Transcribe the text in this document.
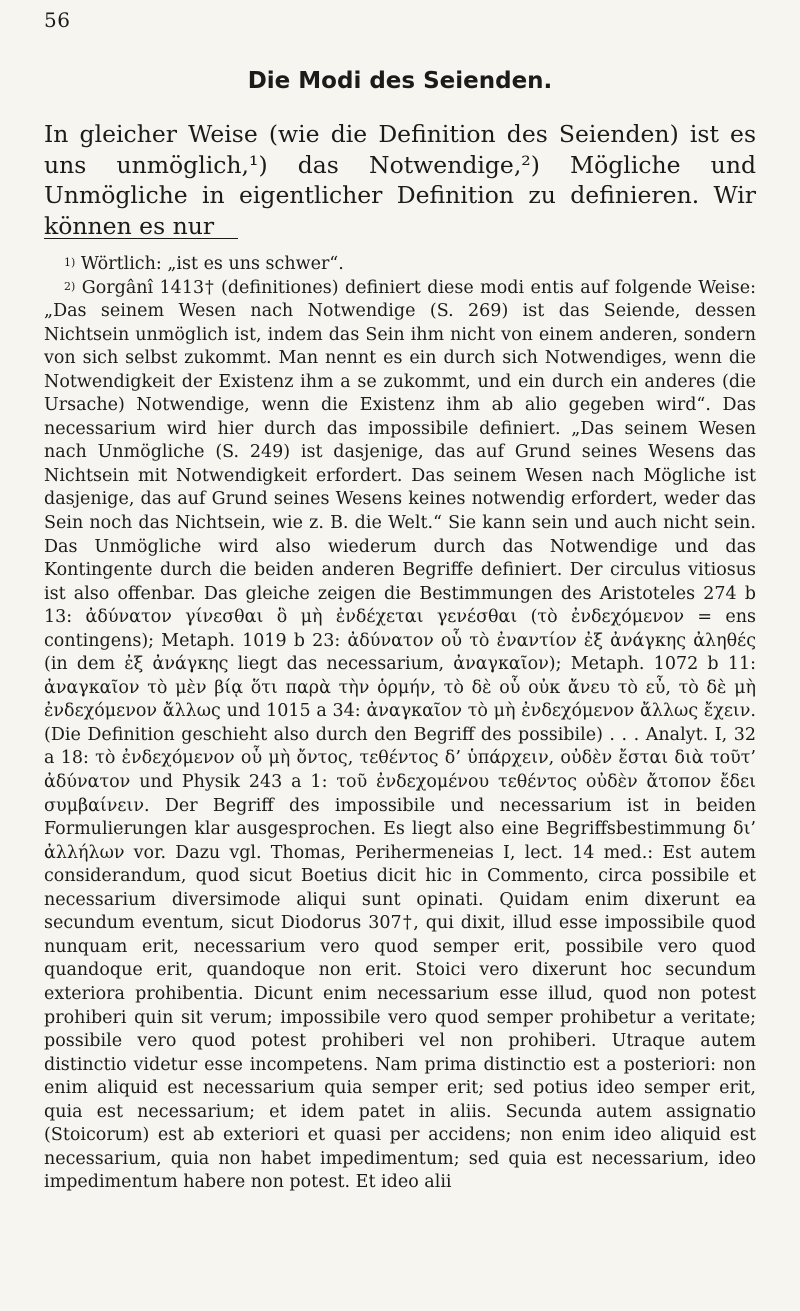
56
Die Modi des Seienden.

In gleicher Weise (wie die Definition des Seienden) ist es uns unmöglich,¹) das Notwendige,²) Mögliche und Unmögliche in eigentlicher Definition zu definieren. Wir können es nur

$^{1)}$ Wörtlich: „ist es uns schwer“.

$^{2)}$ Gorgânî 1413† (definitiones) definiert diese modi entis auf folgende Weise: „Das seinem Wesen nach Notwendige (S. 269) ist das Seiende, dessen Nichtsein unmöglich ist, indem das Sein ihm nicht von einem anderen, sondern von sich selbst zukommt. Man nennt es ein durch sich Notwendiges, wenn die Notwendigkeit der Existenz ihm a se zukommt, und ein durch ein anderes (die Ursache) Notwendige, wenn die Existenz ihm ab alio gegeben wird“. Das necessarium wird hier durch das impossibile definiert. „Das seinem Wesen nach Unmögliche (S. 249) ist dasjenige, das auf Grund seines Wesens das Nichtsein mit Notwendigkeit erfordert. Das seinem Wesen nach Mögliche ist dasjenige, das auf Grund seines Wesens keines notwendig erfordert, weder das Sein noch das Nichtsein, wie z. B. die Welt.“ Sie kann sein und auch nicht sein. Das Unmögliche wird also wiederum durch das Notwendige und das Kontingente durch die beiden anderen Begriffe definiert. Der circulus vitiosus ist also offenbar. Das gleiche zeigen die Bestimmungen des Aristoteles 274 b 13: ἀδύνατον γίνεσθαι ὃ μὴ ἐνδέχεται γενέσθαι (τὸ ἐνδεχόμενον = ens contingens); Metaph. 1019 b 23: ἀδύνατον οὗ τὸ ἐναντίον ἐξ ἀνάγκης ἀληθές (in dem ἐξ ἀνάγκης liegt das necessarium, ἀναγκαῖον); Metaph. 1072 b 11: ἀναγκαῖον τὸ μὲν βίᾳ ὅτι παρὰ τὴν ὁρμήν, τὸ δὲ οὗ οὐκ ἄνευ τὸ εὖ, τὸ δὲ μὴ ἐνδεχόμενον ἄλλως und 1015 a 34: ἀναγκαῖον τὸ μὴ ἐνδεχόμενον ἄλλως ἔχειν. (Die Definition geschieht also durch den Begriff des possibile) . . . Analyt. I, 32 a 18: τὸ ἐνδεχόμενον οὗ μὴ ὄντος, τεθέντος δ’ ὑπάρχειν, οὐδὲν ἔσται διὰ τοῦτ’ ἀδύνατον und Physik 243 a 1: τοῦ ἐνδεχομένου τεθέντος οὐδὲν ἄτοπον ἔδει συμβαίνειν. Der Begriff des impossibile und necessarium ist in beiden Formulierungen klar ausgesprochen. Es liegt also eine Begriffsbestimmung δι’ ἀλλήλων vor. Dazu vgl. Thomas, Perihermeneias I, lect. 14 med.: Est autem considerandum, quod sicut Boetius dicit hic in Commento, circa possibile et necessarium diversimode aliqui sunt opinati. Quidam enim dixerunt ea secundum eventum, sicut Diodorus 307†, qui dixit, illud esse impossibile quod nunquam erit, necessarium vero quod semper erit, possibile vero quod quandoque erit, quandoque non erit. Stoici vero dixerunt hoc secundum exteriora prohibentia. Dicunt enim necessarium esse illud, quod non potest prohiberi quin sit verum; impossibile vero quod semper prohibetur a veritate; possibile vero quod potest prohiberi vel non prohiberi. Utraque autem distinctio videtur esse incompetens. Nam prima distinctio est a posteriori: non enim aliquid est necessarium quia semper erit; sed potius ideo semper erit, quia est necessarium; et idem patet in aliis. Secunda autem assignatio (Stoicorum) est ab exteriori et quasi per accidens; non enim ideo aliquid est necessarium, quia non habet impedimentum; sed quia est necessarium, ideo impedimentum habere non potest. Et ideo alii
